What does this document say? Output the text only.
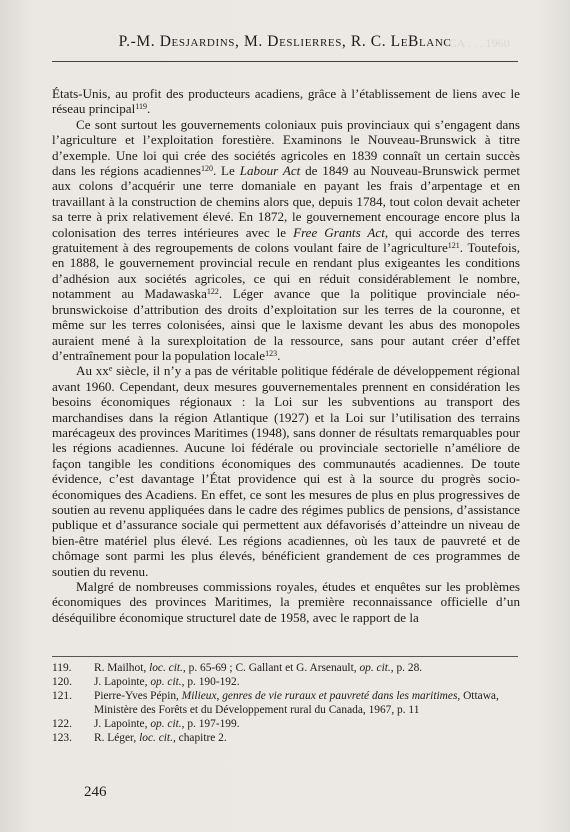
ACA . . . 1960
P.-M. Desjardins, M. Deslierres, R. C. LeBlanc

États-Unis, au profit des producteurs acadiens, grâce à l’établissement de liens avec le réseau principal$^{119}$.

Ce sont surtout les gouvernements coloniaux puis provinciaux qui s’engagent dans l’agriculture et l’exploitation forestière. Examinons le Nouveau-Brunswick à titre d’exemple. Une loi qui crée des sociétés agricoles en 1839 connaît un certain succès dans les régions acadiennes$^{120}$. Le Labour Act de 1849 au Nouveau-Brunswick permet aux colons d’acquérir une terre domaniale en payant les frais d’arpentage et en travaillant à la construction de chemins alors que, depuis 1784, tout colon devait acheter sa terre à prix relativement élevé. En 1872, le gouvernement encourage encore plus la colonisation des terres intérieures avec le Free Grants Act, qui accorde des terres gratuitement à des regroupements de colons voulant faire de l’agriculture$^{121}$. Toutefois, en 1888, le gouvernement provincial recule en rendant plus exigeantes les conditions d’adhésion aux sociétés agricoles, ce qui en réduit considérablement le nombre, notamment au Madawaska$^{122}$. Léger avance que la politique provinciale néo-brunswickoise d’attribution des droits d’exploitation sur les terres de la couronne, et même sur les terres colonisées, ainsi que le laxisme devant les abus des monopoles auraient mené à la surexploitation de la ressource, sans pour autant créer d’effet d’entraînement pour la population locale$^{123}$.

Au $xx^e$ siècle, il n’y a pas de véritable politique fédérale de développement régional avant 1960. Cependant, deux mesures gouvernementales prennent en considération les besoins économiques régionaux : la Loi sur les subventions au transport des marchandises dans la région Atlantique (1927) et la Loi sur l’utilisation des terrains marécageux des provinces Maritimes (1948), sans donner de résultats remarquables pour les régions acadiennes. Aucune loi fédérale ou provinciale sectorielle n’améliore de façon tangible les conditions économiques des communautés acadiennes. De toute évidence, c’est davantage l’État providence qui est à la source du progrès socio-économiques des Acadiens. En effet, ce sont les mesures de plus en plus progressives de soutien au revenu appliquées dans le cadre des régimes publics de pensions, d’assistance publique et d’assurance sociale qui permettent aux défavorisés d’atteindre un niveau de bien-être matériel plus élevé. Les régions acadiennes, où les taux de pauvreté et de chômage sont parmi les plus élevés, bénéficient grandement de ces programmes de soutien du revenu.

Malgré de nombreuses commissions royales, études et enquêtes sur les problèmes économiques des provinces Maritimes, la première reconnaissance officielle d’un déséquilibre économique structurel date de 1958, avec le rapport de la

119.	R. Mailhot, loc. cit., p. 65-69 ; C. Gallant et G. Arsenault, op. cit., p. 28.
120.	J. Lapointe, op. cit., p. 190-192.
121.	Pierre-Yves Pépin, Milieux, genres de vie ruraux et pauvreté dans les maritimes, Ottawa, Ministère des Forêts et du Développement rural du Canada, 1967, p. 11
122.	J. Lapointe, op. cit., p. 197-199.
123.	R. Léger, loc. cit., chapitre 2.
246
